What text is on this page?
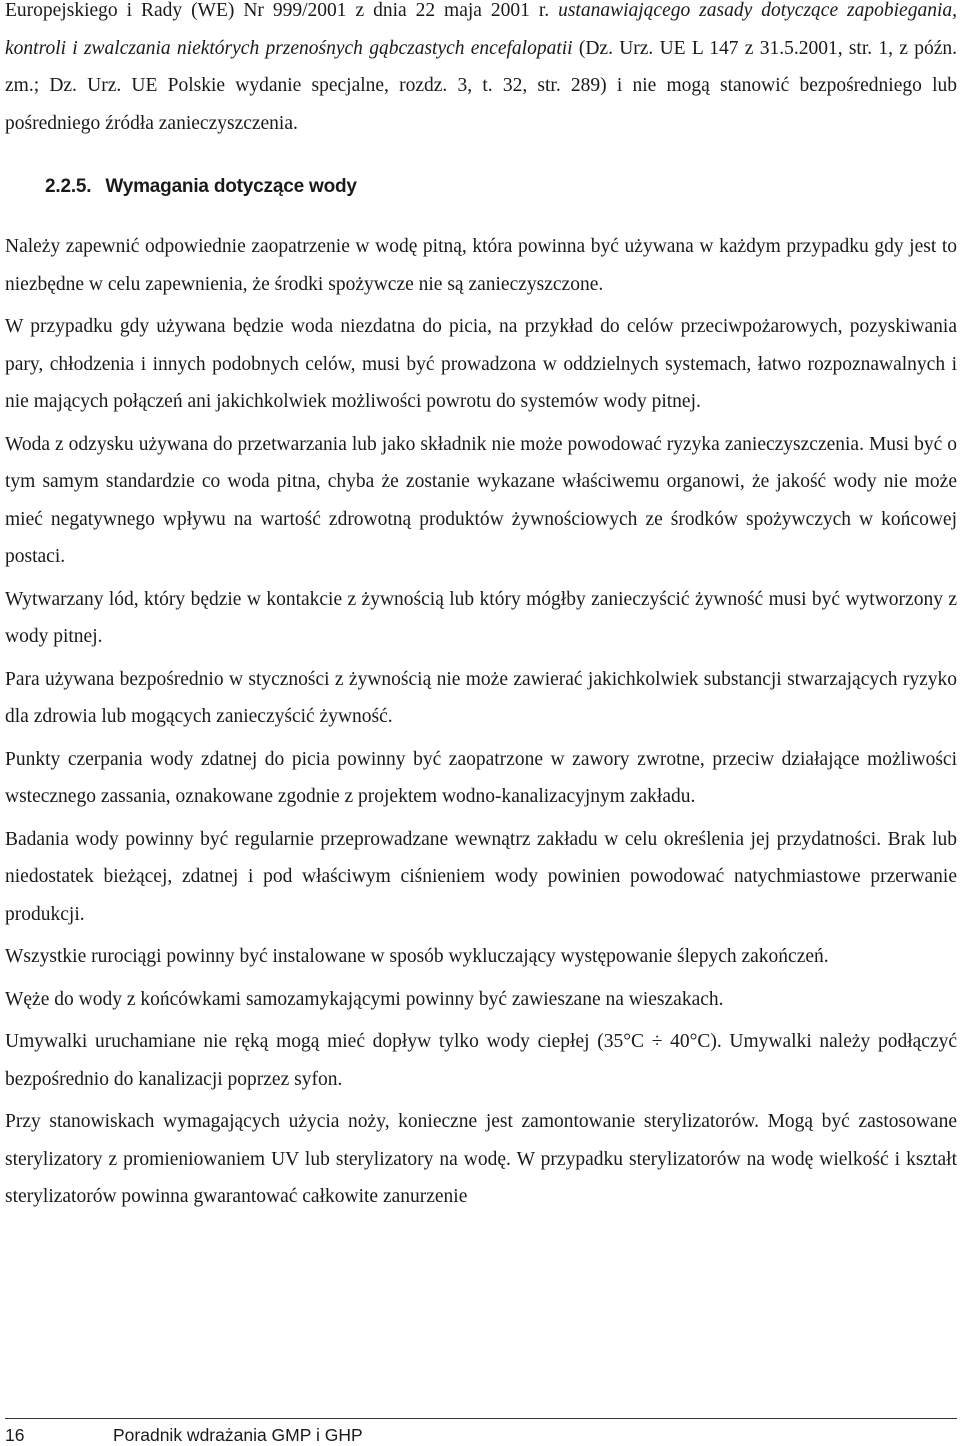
Europejskiego i Rady (WE) Nr 999/2001 z dnia 22 maja 2001 r. ustanawiającego zasady dotyczące zapobiegania, kontroli i zwalczania niektórych przenośnych gąbczastych encefalopatii (Dz. Urz. UE L 147 z 31.5.2001, str. 1, z późn. zm.; Dz. Urz. UE Polskie wydanie specjalne, rozdz. 3, t. 32, str. 289) i nie mogą stanowić bezpośredniego lub pośredniego źródła zanieczyszczenia.

2.2.5. Wymagania dotyczące wody

Należy zapewnić odpowiednie zaopatrzenie w wodę pitną, która powinna być używana w każdym przypadku gdy jest to niezbędne w celu zapewnienia, że środki spożywcze nie są zanieczyszczone.

W przypadku gdy używana będzie woda niezdatna do picia, na przykład do celów przeciwpożarowych, pozyskiwania pary, chłodzenia i innych podobnych celów, musi być prowadzona w oddzielnych systemach, łatwo rozpoznawalnych i nie mających połączeń ani jakichkolwiek możliwości powrotu do systemów wody pitnej.

Woda z odzysku używana do przetwarzania lub jako składnik nie może powodować ryzyka zanieczyszczenia. Musi być o tym samym standardzie co woda pitna, chyba że zostanie wykazane właściwemu organowi, że jakość wody nie może mieć negatywnego wpływu na wartość zdrowotną produktów żywnościowych ze środków spożywczych w końcowej postaci.

Wytwarzany lód, który będzie w kontakcie z żywnością lub który mógłby zanieczyścić żywność musi być wytworzony z wody pitnej.

Para używana bezpośrednio w styczności z żywnością nie może zawierać jakichkolwiek substancji stwarzających ryzyko dla zdrowia lub mogących zanieczyścić żywność.

Punkty czerpania wody zdatnej do picia powinny być zaopatrzone w zawory zwrotne, przeciw działające możliwości wstecznego zassania, oznakowane zgodnie z projektem wodno-kanalizacyjnym zakładu.

Badania wody powinny być regularnie przeprowadzane wewnątrz zakładu w celu określenia jej przydatności. Brak lub niedostatek bieżącej, zdatnej i pod właściwym ciśnieniem wody powinien powodować natychmiastowe przerwanie produkcji.

Wszystkie rurociągi powinny być instalowane w sposób wykluczający występowanie ślepych zakończeń.

Węże do wody z końcówkami samozamykającymi powinny być zawieszane na wieszakach.

Umywalki uruchamiane nie ręką mogą mieć dopływ tylko wody ciepłej (35°C ÷ 40°C). Umywalki należy podłączyć bezpośrednio do kanalizacji poprzez syfon.

Przy stanowiskach wymagających użycia noży, konieczne jest zamontowanie sterylizatorów. Mogą być zastosowane sterylizatory z promieniowaniem UV lub sterylizatory na wodę. W przypadku sterylizatorów na wodę wielkość i kształt sterylizatorów powinna gwarantować całkowite zanurzenie

16	Poradnik wdrażania GMP i GHP
